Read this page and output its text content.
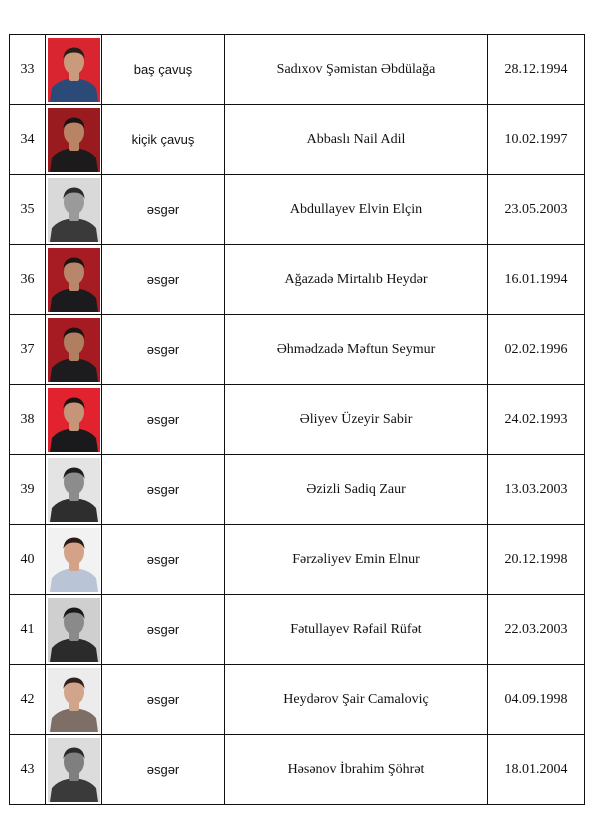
33		baş çavuş	Sadıxov Şəmistan Əbdülağa	28.12.1994
34		kiçik çavuş	Abbaslı Nail Adil	10.02.1997
35		əsgər	Abdullayev Elvin Elçin	23.05.2003
36		əsgər	Ağazadə Mirtalıb Heydər	16.01.1994
37		əsgər	Əhmədzadə Məftun Seymur	02.02.1996
38		əsgər	Əliyev Üzeyir Sabir	24.02.1993
39		əsgər	Əzizli Sadiq Zaur	13.03.2003
40		əsgər	Fərzəliyev Emin Elnur	20.12.1998
41		əsgər	Fətullayev Rəfail Rüfət	22.03.2003
42		əsgər	Heydərov Şair Camaloviç	04.09.1998
43		əsgər	Həsənov İbrahim Şöhrət	18.01.2004
